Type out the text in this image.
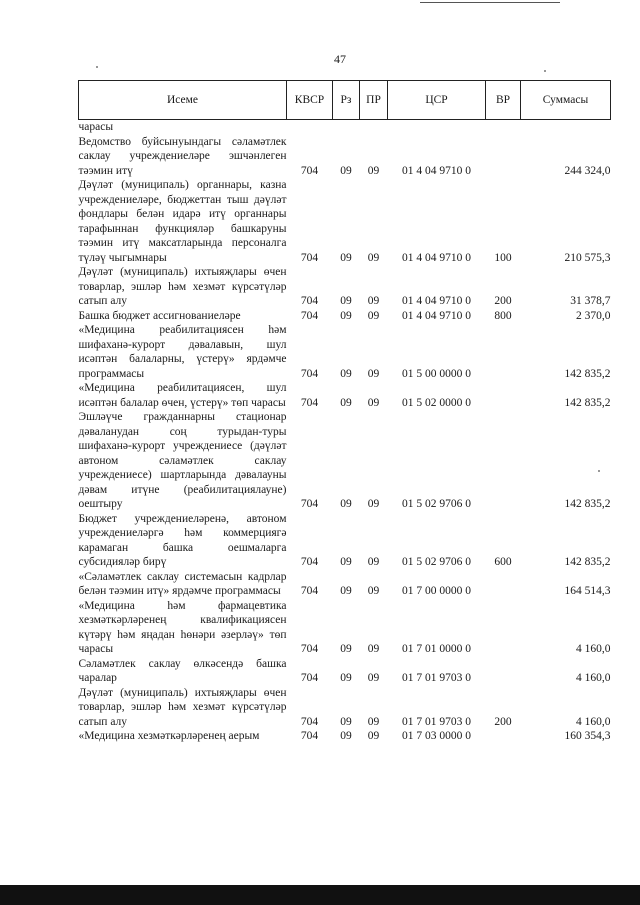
47
Исеме	КВСР	Рз	ПР	ЦСР	ВР	Суммасы
чарасы						
Ведомство буйсынуындагы сәламәтлек саклау учреждениеләре эшчәнлеген тәэмин итү	704	09	09	01 4 04 9710 0		244 324,0
Дәүләт (муниципаль) органнары, казна учреждениеләре, бюджеттан тыш дәүләт фондлары белән идарә итү органнары тарафыннан функцияләр башкаруны тәэмин итү максатларында персоналга түләү чыгымнары	704	09	09	01 4 04 9710 0	100	210 575,3
Дәүләт (муниципаль) ихтыяҗлары өчен товарлар, эшләр һәм хезмәт күрсәтүләр сатып алу	704	09	09	01 4 04 9710 0	200	31 378,7
Башка бюджет ассигнованиеләре	704	09	09	01 4 04 9710 0	800	2 370,0
«Медицина реабилитациясен һәм шифаханә-курорт дәвалавын, шул исәптән балаларны, үстерү» ярдәмче программасы	704	09	09	01 5 00 0000 0		142 835,2
«Медицина реабилитациясен, шул исәптән балалар өчен, үстерү» төп чарасы	704	09	09	01 5 02 0000 0		142 835,2
Эшләүче гражданнарны стационар дәваланудан соң турыдан-туры шифаханә-курорт учреждениесе (дәүләт автоном сәламәтлек саклау учреждениесе) шартларында дәвалауны дәвам итүне (реабилитациялауне) оештыру	704	09	09	01 5 02 9706 0		142 835,2
Бюджет учреждениеләренә, автоном учреждениеләргә һәм коммерциягә карамаган башка оешмаларга субсидияләр бирү	704	09	09	01 5 02 9706 0	600	142 835,2
«Сәламәтлек саклау системасын кадрлар белән тәэмин итү» ярдәмче программасы	704	09	09	01 7 00 0000 0		164 514,3
«Медицина һәм фармацевтика хезмәткәрләренең квалификациясен күтәрү һәм яңадан һөнәри әзерләү» төп чарасы	704	09	09	01 7 01 0000 0		4 160,0
Сәламәтлек саклау өлкәсендә башка чаралар	704	09	09	01 7 01 9703 0		4 160,0
Дәүләт (муниципаль) ихтыяҗлары өчен товарлар, эшләр һәм хезмәт күрсәтүләр сатып алу	704	09	09	01 7 01 9703 0	200	4 160,0
«Медицина хезмәткәрләренең аерым	704	09	09	01 7 03 0000 0		160 354,3
